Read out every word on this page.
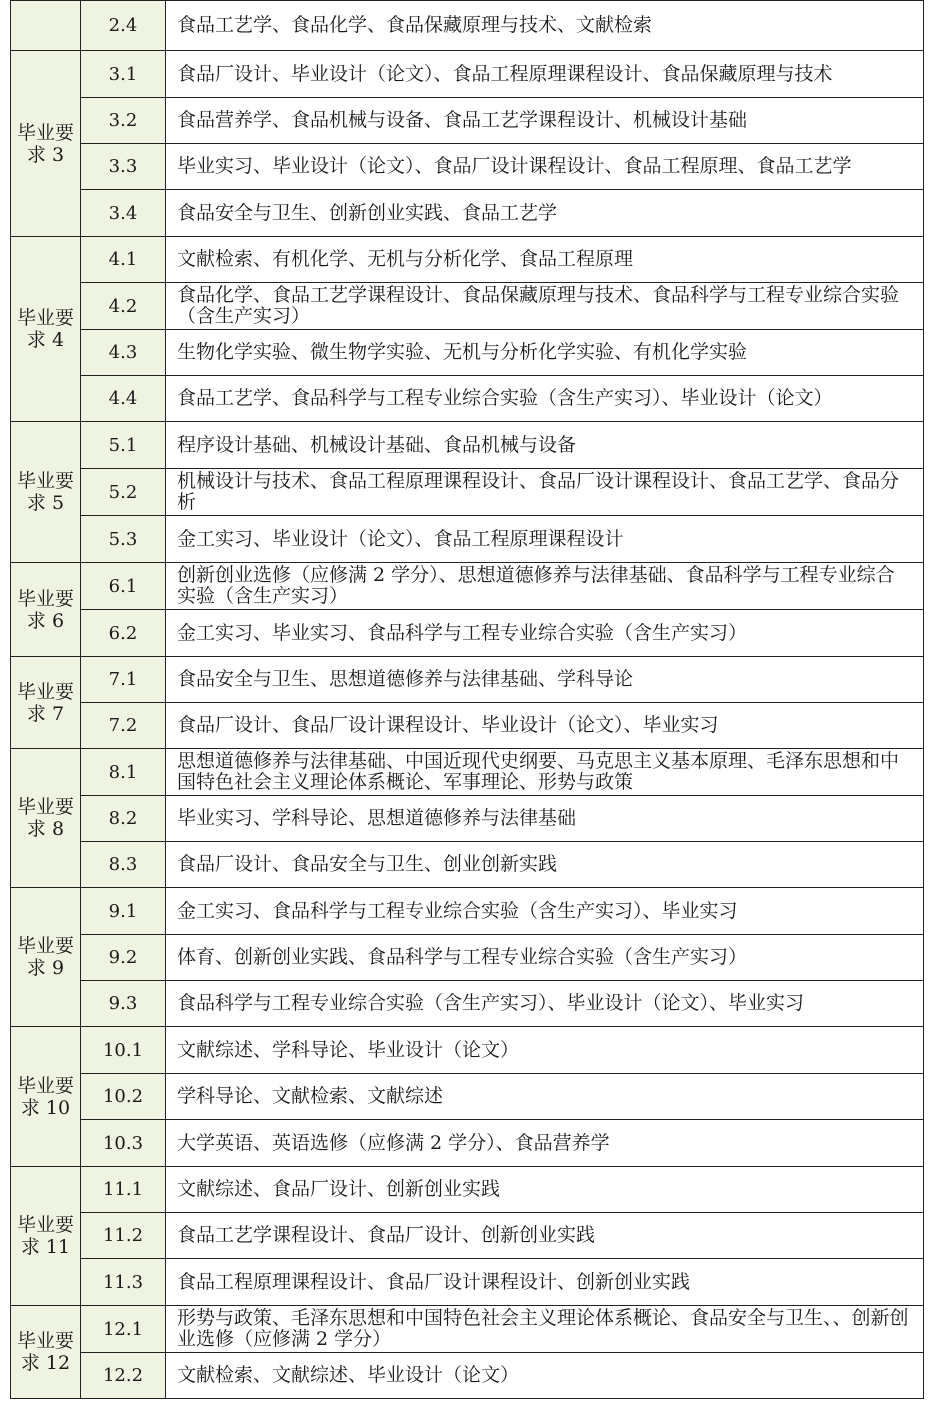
	2.4	食品工艺学、食品化学、食品保藏原理与技术、文献检索
毕业要求 3	3.1	食品厂设计、毕业设计（论文）、食品工程原理课程设计、食品保藏原理与技术
	3.2	食品营养学、食品机械与设备、食品工艺学课程设计、机械设计基础
	3.3	毕业实习、毕业设计（论文）、食品厂设计课程设计、食品工程原理、食品工艺学
	3.4	食品安全与卫生、创新创业实践、食品工艺学
毕业要求 4	4.1	文献检索、有机化学、无机与分析化学、食品工程原理
	4.2	食品化学、食品工艺学课程设计、食品保藏原理与技术、食品科学与工程专业综合实验（含生产实习）
	4.3	生物化学实验、微生物学实验、无机与分析化学实验、有机化学实验
	4.4	食品工艺学、食品科学与工程专业综合实验（含生产实习）、毕业设计（论文）
毕业要求 5	5.1	程序设计基础、机械设计基础、食品机械与设备
	5.2	机械设计与技术、食品工程原理课程设计、食品厂设计课程设计、食品工艺学、食品分析
	5.3	金工实习、毕业设计（论文）、食品工程原理课程设计
毕业要求 6	6.1	创新创业选修（应修满 2 学分）、思想道德修养与法律基础、食品科学与工程专业综合实验（含生产实习）
	6.2	金工实习、毕业实习、食品科学与工程专业综合实验（含生产实习）
毕业要求 7	7.1	食品安全与卫生、思想道德修养与法律基础、学科导论
	7.2	食品厂设计、食品厂设计课程设计、毕业设计（论文）、毕业实习
毕业要求 8	8.1	思想道德修养与法律基础、中国近现代史纲要、马克思主义基本原理、毛泽东思想和中国特色社会主义理论体系概论、军事理论、形势与政策
	8.2	毕业实习、学科导论、思想道德修养与法律基础
	8.3	食品厂设计、食品安全与卫生、创业创新实践
毕业要求 9	9.1	金工实习、食品科学与工程专业综合实验（含生产实习）、毕业实习
	9.2	体育、创新创业实践、食品科学与工程专业综合实验（含生产实习）
	9.3	食品科学与工程专业综合实验（含生产实习）、毕业设计（论文）、毕业实习
毕业要求 10	10.1	文献综述、学科导论、毕业设计（论文）
	10.2	学科导论、文献检索、文献综述
	10.3	大学英语、英语选修（应修满 2 学分）、食品营养学
毕业要求 11	11.1	文献综述、食品厂设计、创新创业实践
	11.2	食品工艺学课程设计、食品厂设计、创新创业实践
	11.3	食品工程原理课程设计、食品厂设计课程设计、创新创业实践
毕业要求 12	12.1	形势与政策、毛泽东思想和中国特色社会主义理论体系概论、食品安全与卫生、、创新创业选修（应修满 2 学分）
	12.2	文献检索、文献综述、毕业设计（论文）
